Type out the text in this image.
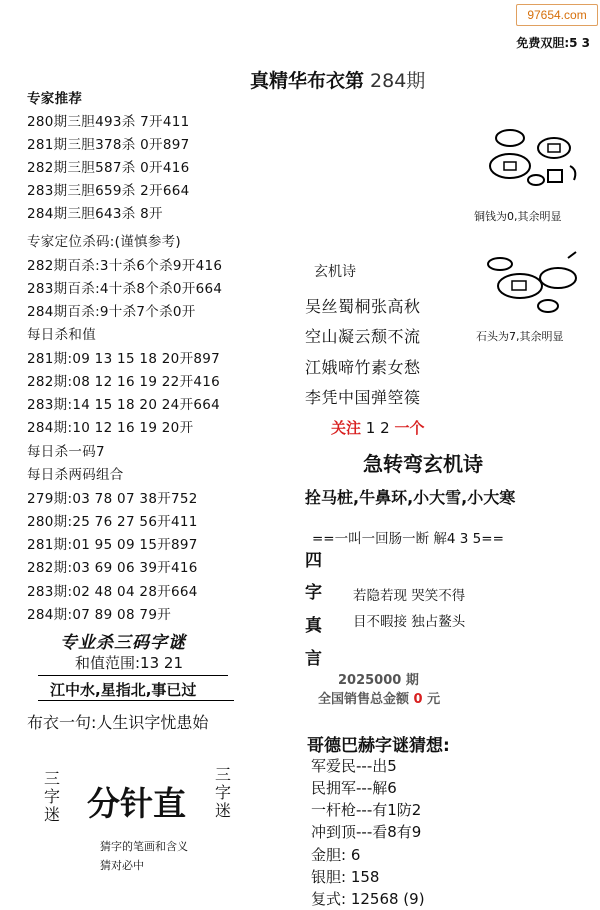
97654.com
免费双胆:5 3
真精华布衣第 284期
专家推荐
280期三胆493杀 7开411
281期三胆378杀 0开897
282期三胆587杀 0开416
283期三胆659杀 2开664
284期三胆643杀 8开
专家定位杀码:(谨慎参考)
282期百杀:3十杀6个杀9开416
283期百杀:4十杀8个杀0开664
284期百杀:9十杀7个杀0开
每日杀和值
281期:09 13 15 18 20开897
282期:08 12 16 19 22开416
283期:14 15 18 20 24开664
284期:10 12 16 19 20开
每日杀一码7
每日杀两码组合
279期:03 78 07 38开752
280期:25 76 27 56开411
281期:01 95 09 15开897
282期:03 69 06 39开416
283期:02 48 04 28开664
284期:07 89 08 79开
专业杀三码字谜
和值范围:13 21
江中水,星指北,事已过
布衣一句:人生识字忧患始
三字迷 分针直
三字迷
猜字的笔画和含义
猜对必中
铜钱为0,其余明显
石头为7,其余明显
玄机诗
吴丝蜀桐张高秋
空山凝云颓不流
江娥啼竹素女愁
李凭中国弹箜篌
关注 1 2 一个
急转弯玄机诗
拴马桩,牛鼻环,小大雪,小大寒
==一叫一回肠一断 解4 3 5==
四
字
真
言
若隐若现 哭笑不得
目不暇接 独占鳌头
2025000 期
全国销售总金额 0 元
哥德巴赫字谜猜想:
军爱民---出5
民拥军---解6
一杆枪---有1防2
冲到顶---看8有9
金胆: 6
银胆: 158
复式: 12568 (9)
